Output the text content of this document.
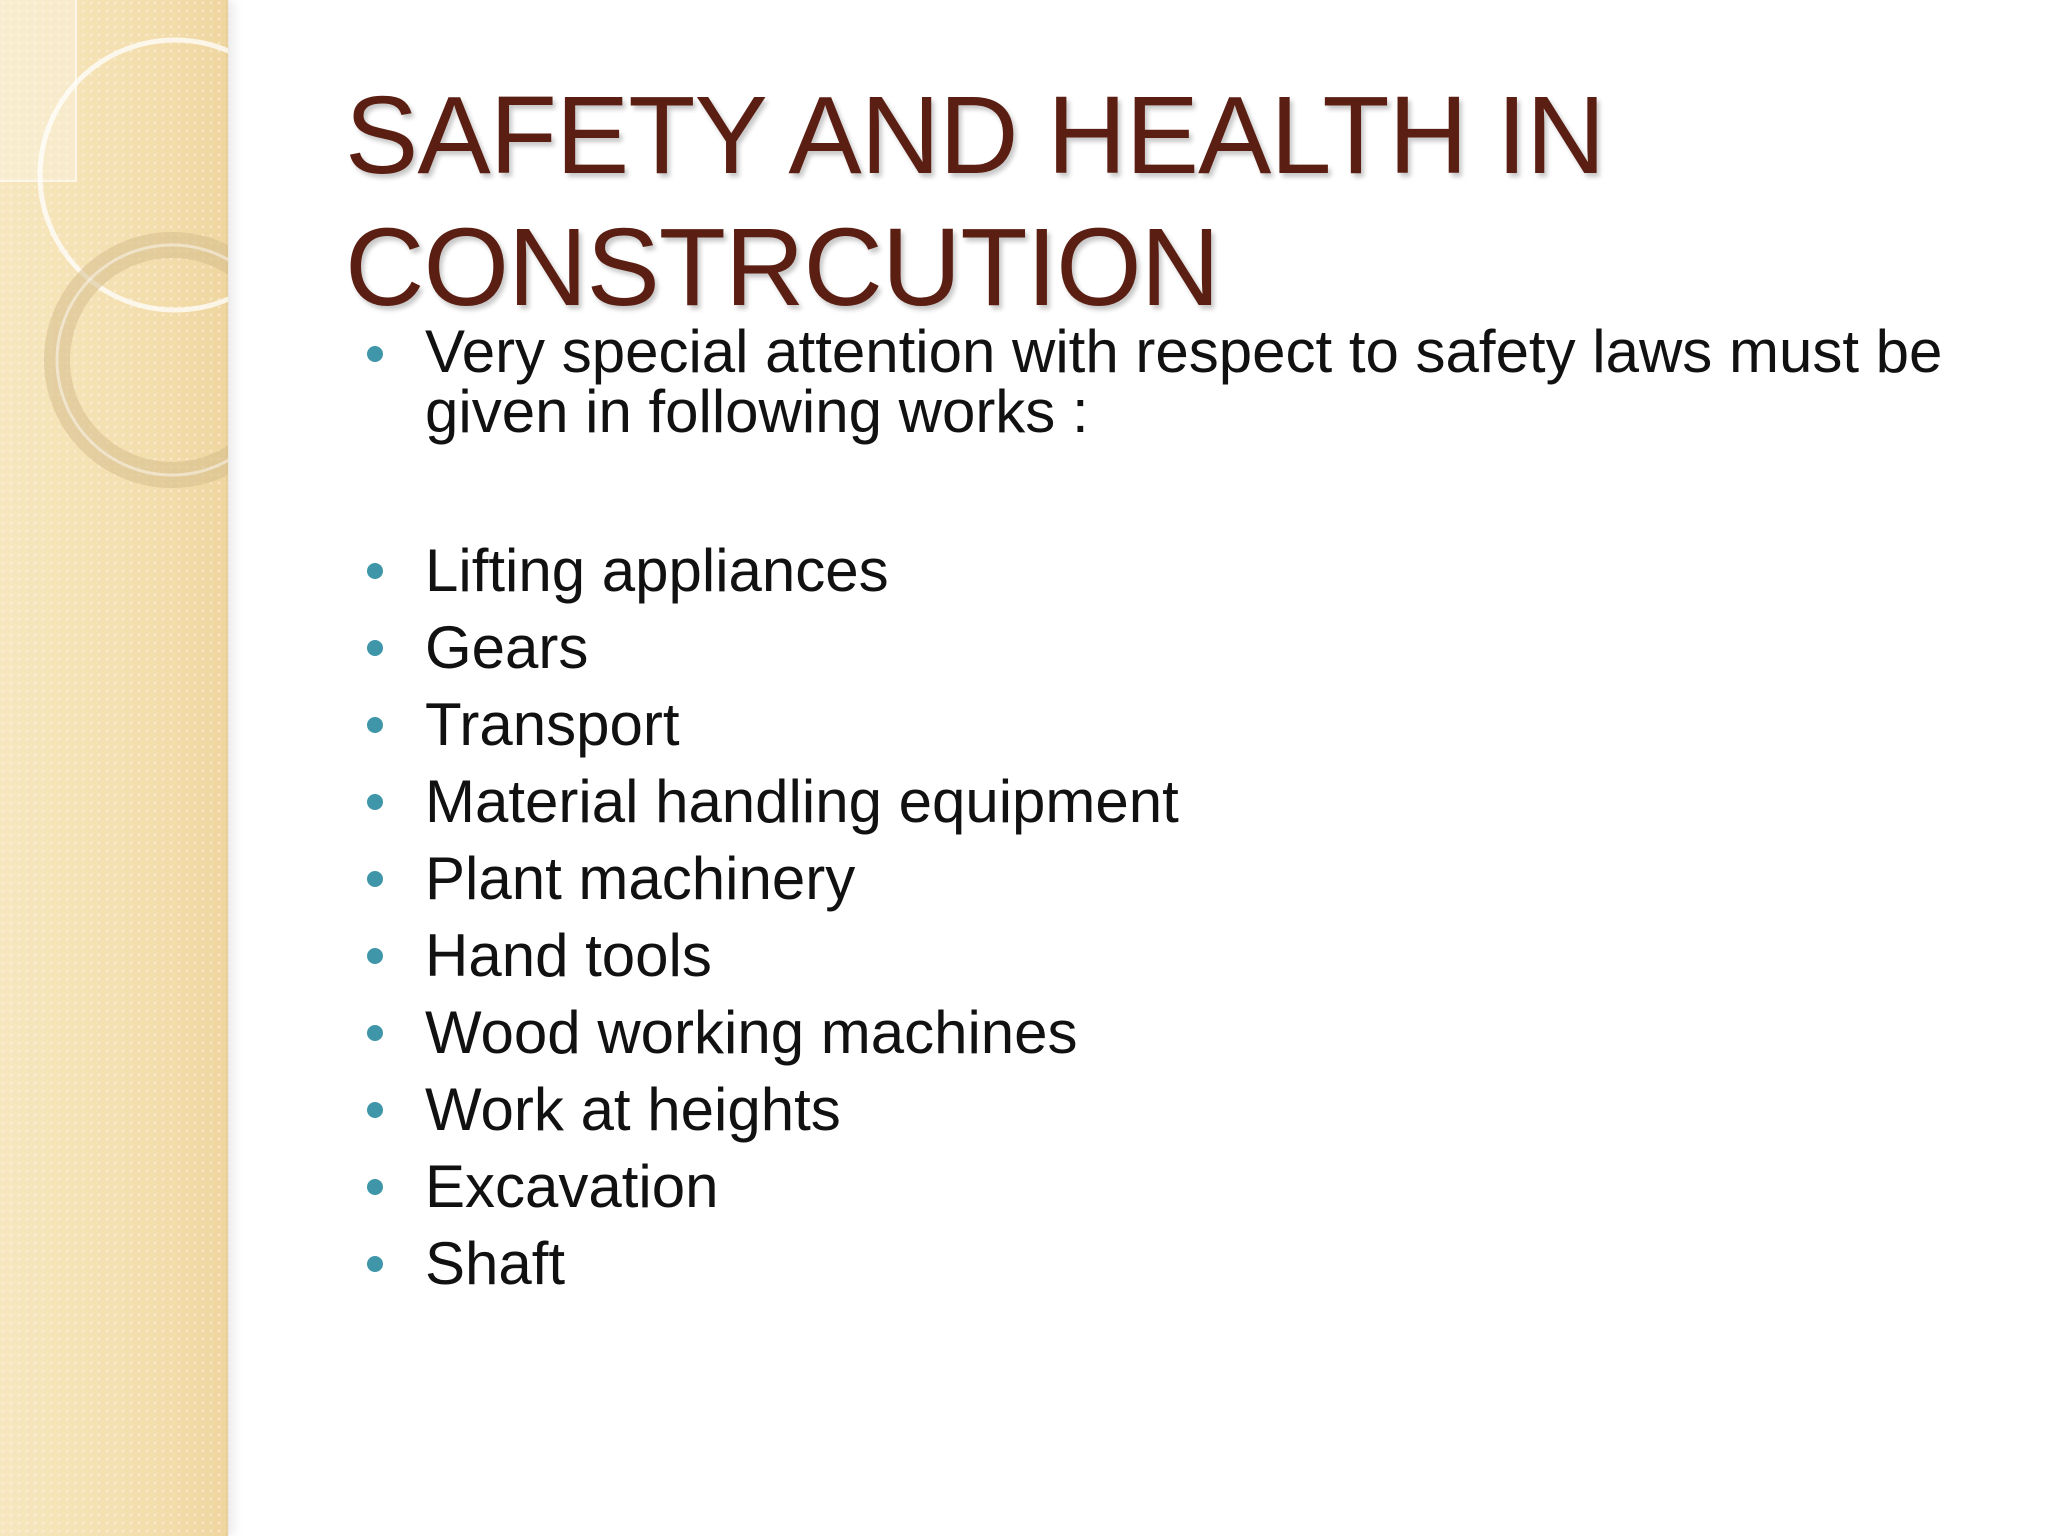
SAFETY AND HEALTH IN CONSTRCUTION
Very special attention with respect to safety laws must be given in following works :
Lifting appliances
Gears
Transport
Material handling equipment
Plant machinery
Hand tools
Wood working machines
Work at heights
Excavation
Shaft
